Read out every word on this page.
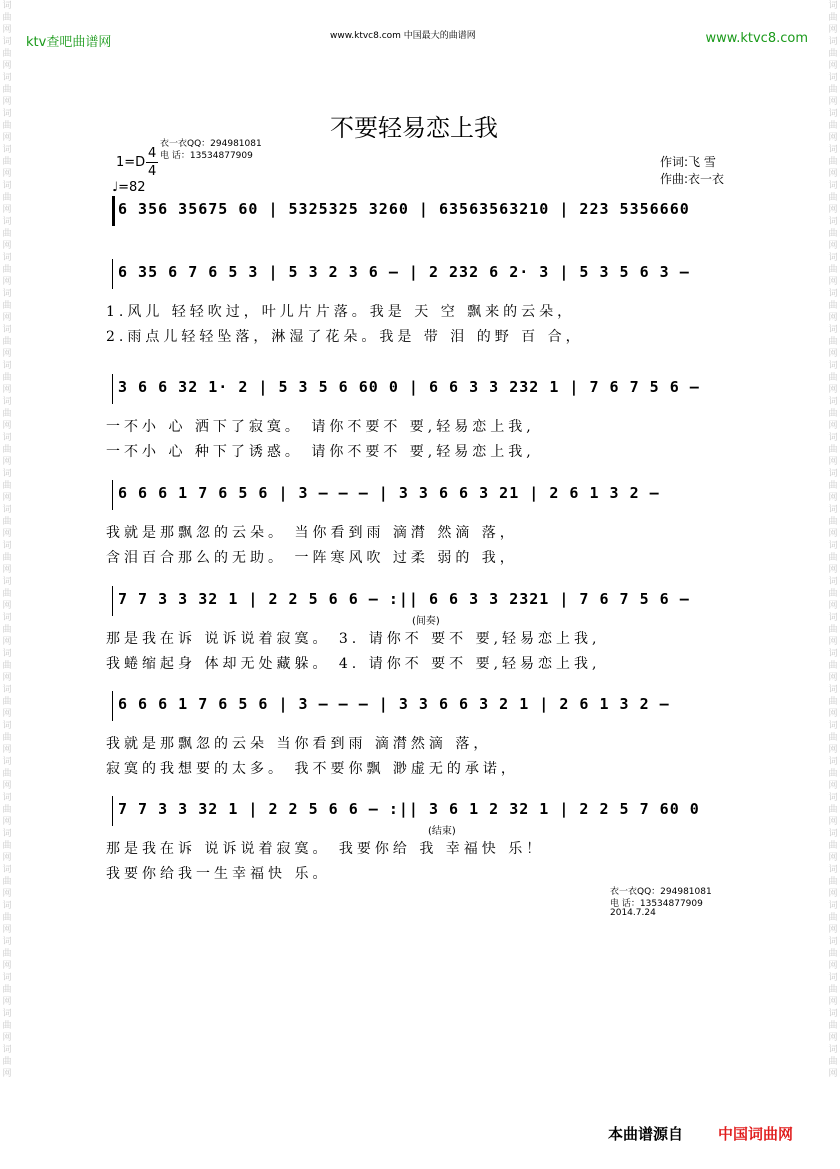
词
曲
网
词
曲
网
词
曲
网
词
曲
网
词
曲
网
词
曲
网
词
曲
网
词
曲
网
词
曲
网
词
曲
网
词
曲
网
词
曲
网
词
曲
网
词
曲
网
词
曲
网
词
曲
网
词
曲
网
词
曲
网
词
曲
网
词
曲
网
词
曲
网
词
曲
网
词
曲
网
词
曲
网
词
曲
网
词
曲
网
词
曲
网
词
曲
网
词
曲
网
词
曲
网
词
曲
网
词
曲
网
词
曲
网
词
曲
网
词
曲
网
词
曲
网
词
曲
网
词
曲
网
词
曲
网
词
曲
网
词
曲
网
词
曲
网
词
曲
网
词
曲
网
词
曲
网
词
曲
网
词
曲
网
词
曲
网
词
曲
网
词
曲
网
词
曲
网
词
曲
网
词
曲
网
词
曲
网
词
曲
网
词
曲
网
词
曲
网
词
曲
网
词
曲
网
词
曲
网
ktv查吧曲谱网	www.ktvc8.com 中国最大的曲谱网	www.ktvc8.com
不要轻易恋上我
衣一衣QQ：294981081
电 话：13534877909
1=D
4
4
♩=82
作词:飞 雪
作曲:衣一衣
6 356 35675 60 | 5325325 3260 | 63563563210 | 223 5356660
6 35 6 7 6 5 3 | 5 3 2 3 6 — | 2 232 6 2· 3 | 5 3 5 6 3 —
1.风儿 轻轻吹过，叶儿片片落。我是 天 空 飘来的云朵，
2.雨点儿轻轻坠落，淋湿了花朵。我是 带 泪 的野 百 合，
3 6 6 32 1· 2 | 5 3 5 6 60 0 | 6 6 3 3 232 1 | 7 6 7 5 6 —
一不小 心 洒下了寂寞。 请你不要不 要,轻易恋上我,
一不小 心 种下了诱惑。 请你不要不 要,轻易恋上我,
6 6 6 1 7 6 5 6 | 3 — — — | 3 3 6 6 3 21 | 2 6 1 3 2 —
我就是那飘忽的云朵。 当你看到雨 滴潸 然滴 落，
含泪百合那么的无助。 一阵寒风吹 过柔 弱的 我，
7 7 3 3 32 1 | 2 2 5 6 6 — :|| 6 6 3 3 2321 | 7 6 7 5 6 —
(间奏)
那是我在诉 说诉说着寂寞。 3. 请你不 要不 要,轻易恋上我,
我蜷缩起身 体却无处藏躲。 4. 请你不 要不 要,轻易恋上我,
6 6 6 1 7 6 5 6 | 3 — — — | 3 3 6 6 3 2 1 | 2 6 1 3 2 —
我就是那飘忽的云朵 当你看到雨 滴潸然滴 落，
寂寞的我想要的太多。 我不要你飘 渺虚无的承诺，
7 7 3 3 32 1 | 2 2 5 6 6 — :|| 3 6 1 2 32 1 | 2 2 5 7 60 0
(结束)
那是我在诉 说诉说着寂寞。 我要你给 我 幸福快 乐！
我要你给我一生幸福快 乐。
衣一衣QQ：294981081
电 话：13534877909
2014.7.24
本曲谱源自 中国词曲网
